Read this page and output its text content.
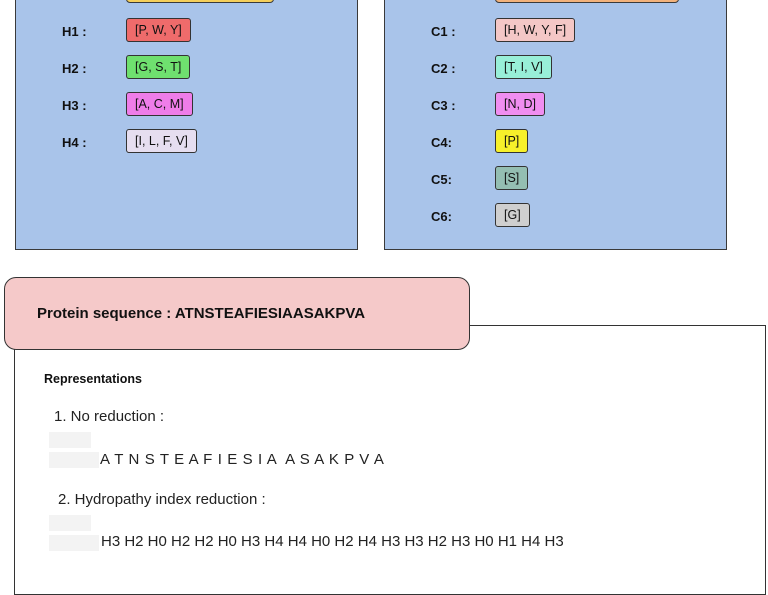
H1 :	[P, W, Y]
H2 :	[G, S, T]
H3 :	[A, C, M]
H4 :	[I, L, F, V]
C1 :	[H, W, Y, F]
C2 :	[T, I, V]
C3 :	[N, D]
C4:	[P]
C5:	[S]
C6:	[G]
Protein sequence : ATNSTEAFIESIAASAKPVA
Representations
1. No reduction :
A T N S T E A F I E S I A  A S A K P V A
2. Hydropathy index reduction :
H3 H2 H0 H2 H2 H0 H3 H4 H4 H0 H2 H4 H3 H3 H2 H3 H0 H1 H4 H3
